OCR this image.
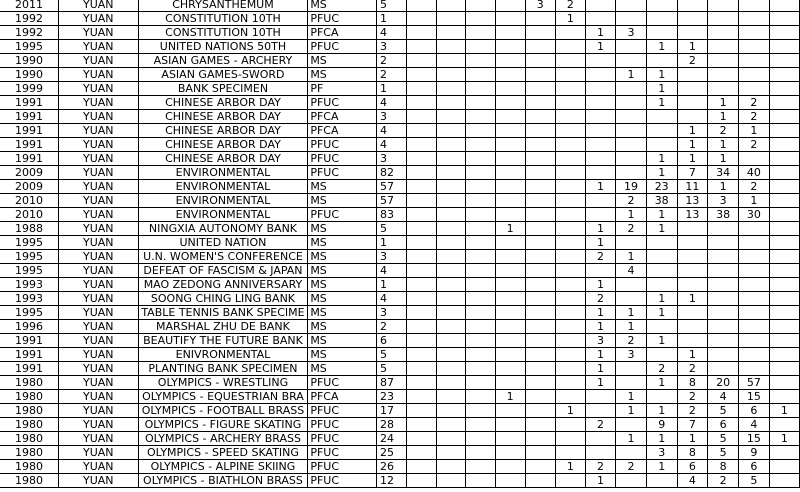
2011	YUAN	CHRYSANTHEMUM	MS	5					3	2							
1992	YUAN	CONSTITUTION 10TH	PFUC	1						1							
1992	YUAN	CONSTITUTION 10TH	PFCA	4							1	3					
1995	YUAN	UNITED NATIONS 50TH	PFUC	3							1		1	1			
1990	YUAN	ASIAN GAMES - ARCHERY	MS	2										2			
1990	YUAN	ASIAN GAMES-SWORD	MS	2								1	1				
1999	YUAN	BANK SPECIMEN	PF	1									1				
1991	YUAN	CHINESE ARBOR DAY	PFUC	4									1		1	2	
1991	YUAN	CHINESE ARBOR DAY	PFCA	3											1	2	
1991	YUAN	CHINESE ARBOR DAY	PFCA	4										1	2	1	
1991	YUAN	CHINESE ARBOR DAY	PFUC	4										1	1	2	
1991	YUAN	CHINESE ARBOR DAY	PFUC	3									1	1	1		
2009	YUAN	ENVIRONMENTAL	PFUC	82									1	7	34	40	
2009	YUAN	ENVIRONMENTAL	MS	57							1	19	23	11	1	2	
2010	YUAN	ENVIRONMENTAL	MS	57								2	38	13	3	1	
2010	YUAN	ENVIRONMENTAL	PFUC	83								1	1	13	38	30	
1988	YUAN	NINGXIA AUTONOMY BANK	MS	5				1			1	2	1				
1995	YUAN	UNITED NATION	MS	1							1						
1995	YUAN	U.N. WOMEN'S CONFERENCE	MS	3							2	1					
1995	YUAN	DEFEAT OF FASCISM & JAPAN	MS	4								4					
1993	YUAN	MAO ZEDONG ANNIVERSARY	MS	1							1						
1993	YUAN	SOONG CHING LING BANK	MS	4							2		1	1			
1995	YUAN	TABLE TENNIS BANK SPECIME	MS	3							1	1	1				
1996	YUAN	MARSHAL ZHU DE BANK	MS	2							1	1					
1991	YUAN	BEAUTIFY THE FUTURE BANK	MS	6							3	2	1				
1991	YUAN	ENIVRONMENTAL	MS	5							1	3		1			
1991	YUAN	PLANTING BANK SPECIMEN	MS	5							1		2	2			
1980	YUAN	OLYMPICS - WRESTLING	PFUC	87							1		1	8	20	57	
1980	YUAN	OLYMPICS - EQUESTRIAN BRA	PFCA	23				1				1		2	4	15	
1980	YUAN	OLYMPICS - FOOTBALL BRASS	PFUC	17						1		1	1	2	5	6	1
1980	YUAN	OLYMPICS - FIGURE SKATING	PFUC	28							2		9	7	6	4	
1980	YUAN	OLYMPICS - ARCHERY BRASS	PFUC	24								1	1	1	5	15	1
1980	YUAN	OLYMPICS - SPEED SKATING	PFUC	25									3	8	5	9	
1980	YUAN	OLYMPICS - ALPINE SKIING	PFUC	26						1	2	2	1	6	8	6	
1980	YUAN	OLYMPICS - BIATHLON BRASS	PFUC	12							1			4	2	5	
